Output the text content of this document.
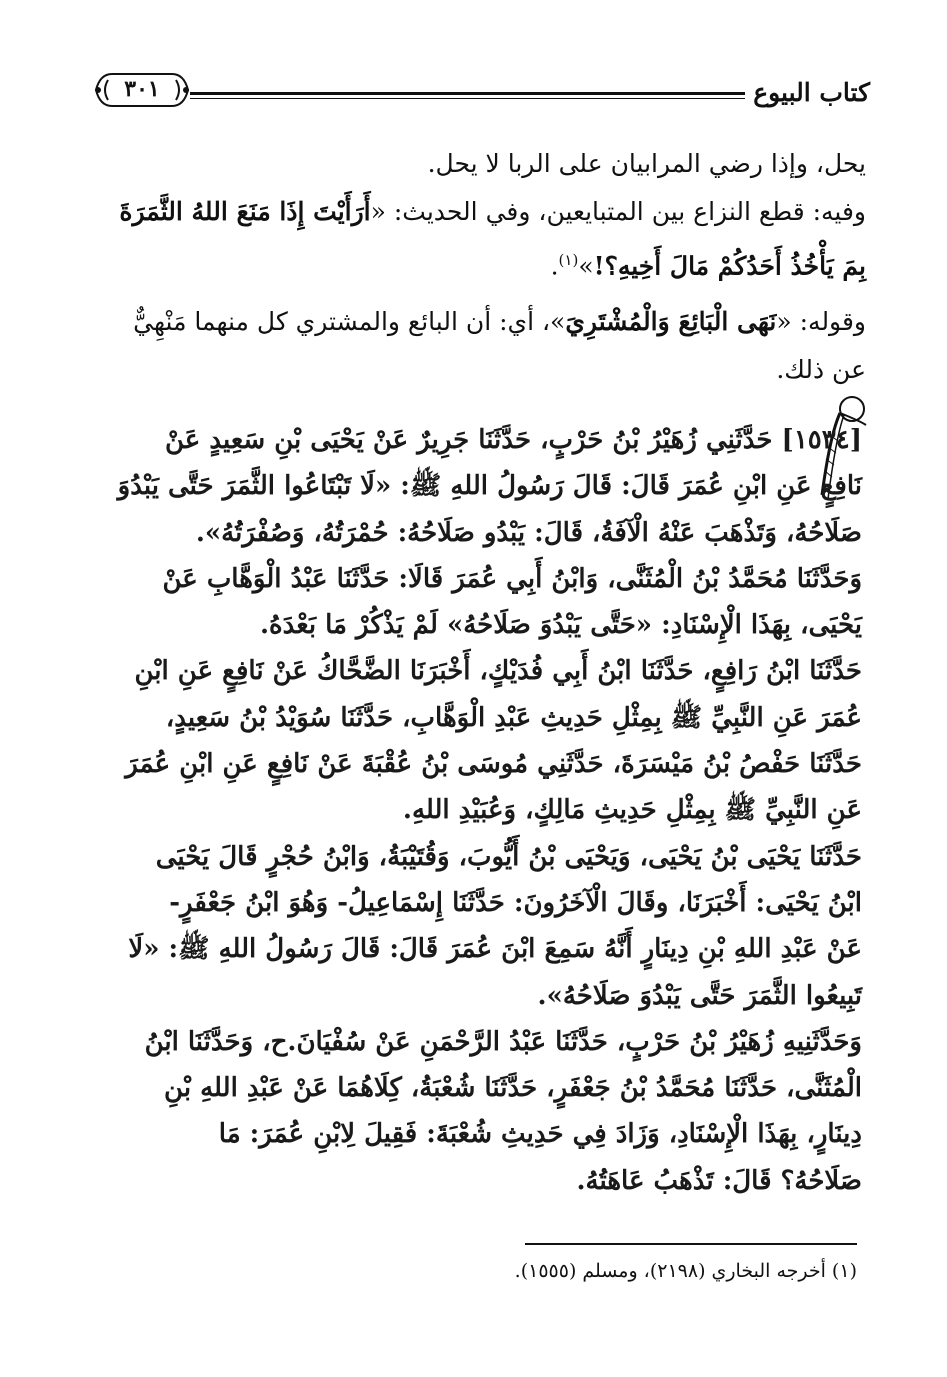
كتاب البيوع
٣٠١
يحل، وإذا رضي المرابيان على الربا لا يحل.
وفيه: قطع النزاع بين المتبايعين، وفي الحديث: «أَرَأَيْتَ إِذَا مَنَعَ اللهُ الثَّمَرَةَ
بِمَ يَأْخُذُ أَحَدُكُمْ مَالَ أَخِيهِ؟!»$^{(١)}$.
وقوله: «نَهَى الْبَائِعَ وَالْمُشْتَرِيَ»، أي: أن البائع والمشتري كل منهما مَنْهِيٌّ
عن ذلك.
[١٥٣٤] حَدَّثَنِي زُهَيْرُ بْنُ حَرْبٍ، حَدَّثَنَا جَرِيرٌ عَنْ يَحْيَى بْنِ سَعِيدٍ عَنْ
نَافِعٍ عَنِ ابْنِ عُمَرَ قَالَ: قَالَ رَسُولُ اللهِ ﷺ: «لَا تَبْتَاعُوا الثَّمَرَ حَتَّى يَبْدُوَ
صَلَاحُهُ، وَتَذْهَبَ عَنْهُ الْآفَةُ، قَالَ: يَبْدُو صَلَاحُهُ: حُمْرَتُهُ، وَصُفْرَتُهُ».
وَحَدَّثَنَا مُحَمَّدُ بْنُ الْمُثَنَّى، وَابْنُ أَبِي عُمَرَ قَالَا: حَدَّثَنَا عَبْدُ الْوَهَّابِ عَنْ
يَحْيَى، بِهَذَا الْإِسْنَادِ: «حَتَّى يَبْدُوَ صَلَاحُهُ» لَمْ يَذْكُرْ مَا بَعْدَهُ.
حَدَّثَنَا ابْنُ رَافِعٍ، حَدَّثَنَا ابْنُ أَبِي فُدَيْكٍ، أَخْبَرَنَا الضَّحَّاكُ عَنْ نَافِعٍ عَنِ ابْنِ
عُمَرَ عَنِ النَّبِيِّ ﷺ بِمِثْلِ حَدِيثِ عَبْدِ الْوَهَّابِ، حَدَّثَنَا سُوَيْدُ بْنُ سَعِيدٍ،
حَدَّثَنَا حَفْصُ بْنُ مَيْسَرَةَ، حَدَّثَنِي مُوسَى بْنُ عُقْبَةَ عَنْ نَافِعٍ عَنِ ابْنِ عُمَرَ
عَنِ النَّبِيِّ ﷺ بِمِثْلِ حَدِيثِ مَالِكٍ، وَعُبَيْدِ اللهِ.
حَدَّثَنَا يَحْيَى بْنُ يَحْيَى، وَيَحْيَى بْنُ أَيُّوبَ، وَقُتَيْبَةُ، وَابْنُ حُجْرٍ قَالَ يَحْيَى
ابْنُ يَحْيَى: أَخْبَرَنَا، وقَالَ الْآخَرُونَ: حَدَّثَنَا إِسْمَاعِيلُ- وَهُوَ ابْنُ جَعْفَرٍ-
عَنْ عَبْدِ اللهِ بْنِ دِينَارٍ أَنَّهُ سَمِعَ ابْنَ عُمَرَ قَالَ: قَالَ رَسُولُ اللهِ ﷺ: «لَا
تَبِيعُوا الثَّمَرَ حَتَّى يَبْدُوَ صَلَاحُهُ».
وَحَدَّثَنِيهِ زُهَيْرُ بْنُ حَرْبٍ، حَدَّثَنَا عَبْدُ الرَّحْمَنِ عَنْ سُفْيَانَ.ح، وَحَدَّثَنَا ابْنُ
الْمُثَنَّى، حَدَّثَنَا مُحَمَّدُ بْنُ جَعْفَرٍ، حَدَّثَنَا شُعْبَةُ، كِلَاهُمَا عَنْ عَبْدِ اللهِ بْنِ
دِينَارٍ، بِهَذَا الْإِسْنَادِ، وَزَادَ فِي حَدِيثِ شُعْبَةَ: فَقِيلَ لِابْنِ عُمَرَ: مَا
صَلَاحُهُ؟ قَالَ: تَذْهَبُ عَاهَتُهُ.
(١) أخرجه البخاري (٢١٩٨)، ومسلم (١٥٥٥).
